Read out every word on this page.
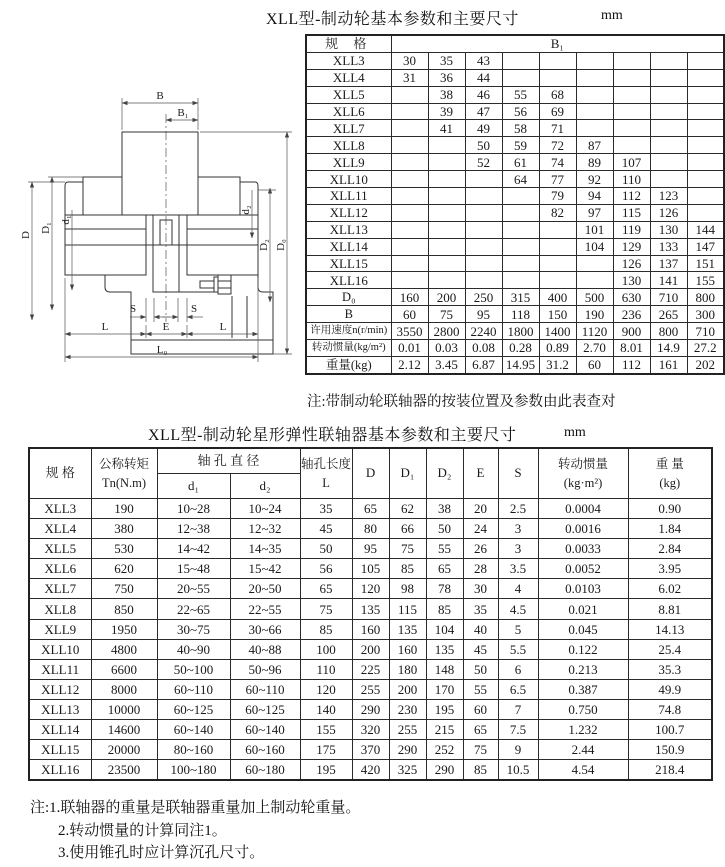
XLL型-制动轮基本参数和主要尺寸	mm
B
B₁
D
D₁
d₁
d₂
D₂ D₀
S	S
L	E	L
L₀
规 格	B₁								
XLL3	30	35	43						
XLL4	31	36	44						
XLL5		38	46	55	68				
XLL6		39	47	56	69				
XLL7		41	49	58	71				
XLL8			50	59	72	87			
XLL9			52	61	74	89	107		
XLL10				64	77	92	110		
XLL11					79	94	112	123	
XLL12					82	97	115	126	
XLL13						101	119	130	144
XLL14						104	129	133	147
XLL15							126	137	151
XLL16							130	141	155
D₀	160	200	250	315	400	500	630	710	800
B	60	75	95	118	150	190	236	265	300
许用速度n(r/min)	3550	2800	2240	1800	1400	1120	900	800	710
转动惯量(kg/m²)	0.01	0.03	0.08	0.28	0.89	2.70	8.01	14.9	27.2
重量(kg)	2.12	3.45	6.87	14.95	31.2	60	112	161	202
注:带制动轮联轴器的按装位置及参数由此表查对
XLL型-制动轮星形弹性联轴器基本参数和主要尺寸	mm
规 格	
公称转矩
Tn(N.m)
	轴 孔 直 径	轴孔长度
L
	D	D₁	D₂	E	S	
转动惯量
(kg·m²)

重 量
(kg)

		d₁	d₂								
XLL3	190	10~28	10~24	35	65	62	38	20	2.5	0.0004	0.90
XLL4	380	12~38	12~32	45	80	66	50	24	3	0.0016	1.84
XLL5	530	14~42	14~35	50	95	75	55	26	3	0.0033	2.84
XLL6	620	15~48	15~42	56	105	85	65	28	3.5	0.0052	3.95
XLL7	750	20~55	20~50	65	120	98	78	30	4	0.0103	6.02
XLL8	850	22~65	22~55	75	135	115	85	35	4.5	0.021	8.81
XLL9	1950	30~75	30~66	85	160	135	104	40	5	0.045	14.13
XLL10	4800	40~90	40~88	100	200	160	135	45	5.5	0.122	25.4
XLL11	6600	50~100	50~96	110	225	180	148	50	6	0.213	35.3
XLL12	8000	60~110	60~110	120	255	200	170	55	6.5	0.387	49.9
XLL13	10000	60~125	60~125	140	290	230	195	60	7	0.750	74.8
XLL14	14600	60~140	60~140	155	320	255	215	65	7.5	1.232	100.7
XLL15	20000	80~160	60~160	175	370	290	252	75	9	2.44	150.9
XLL16	23500	100~180	60~180	195	420	325	290	85	10.5	4.54	218.4
注:1.联轴器的重量是联轴器重量加上制动轮重量。
2.转动惯量的计算同注1。
3.使用锥孔时应计算沉孔尺寸。
